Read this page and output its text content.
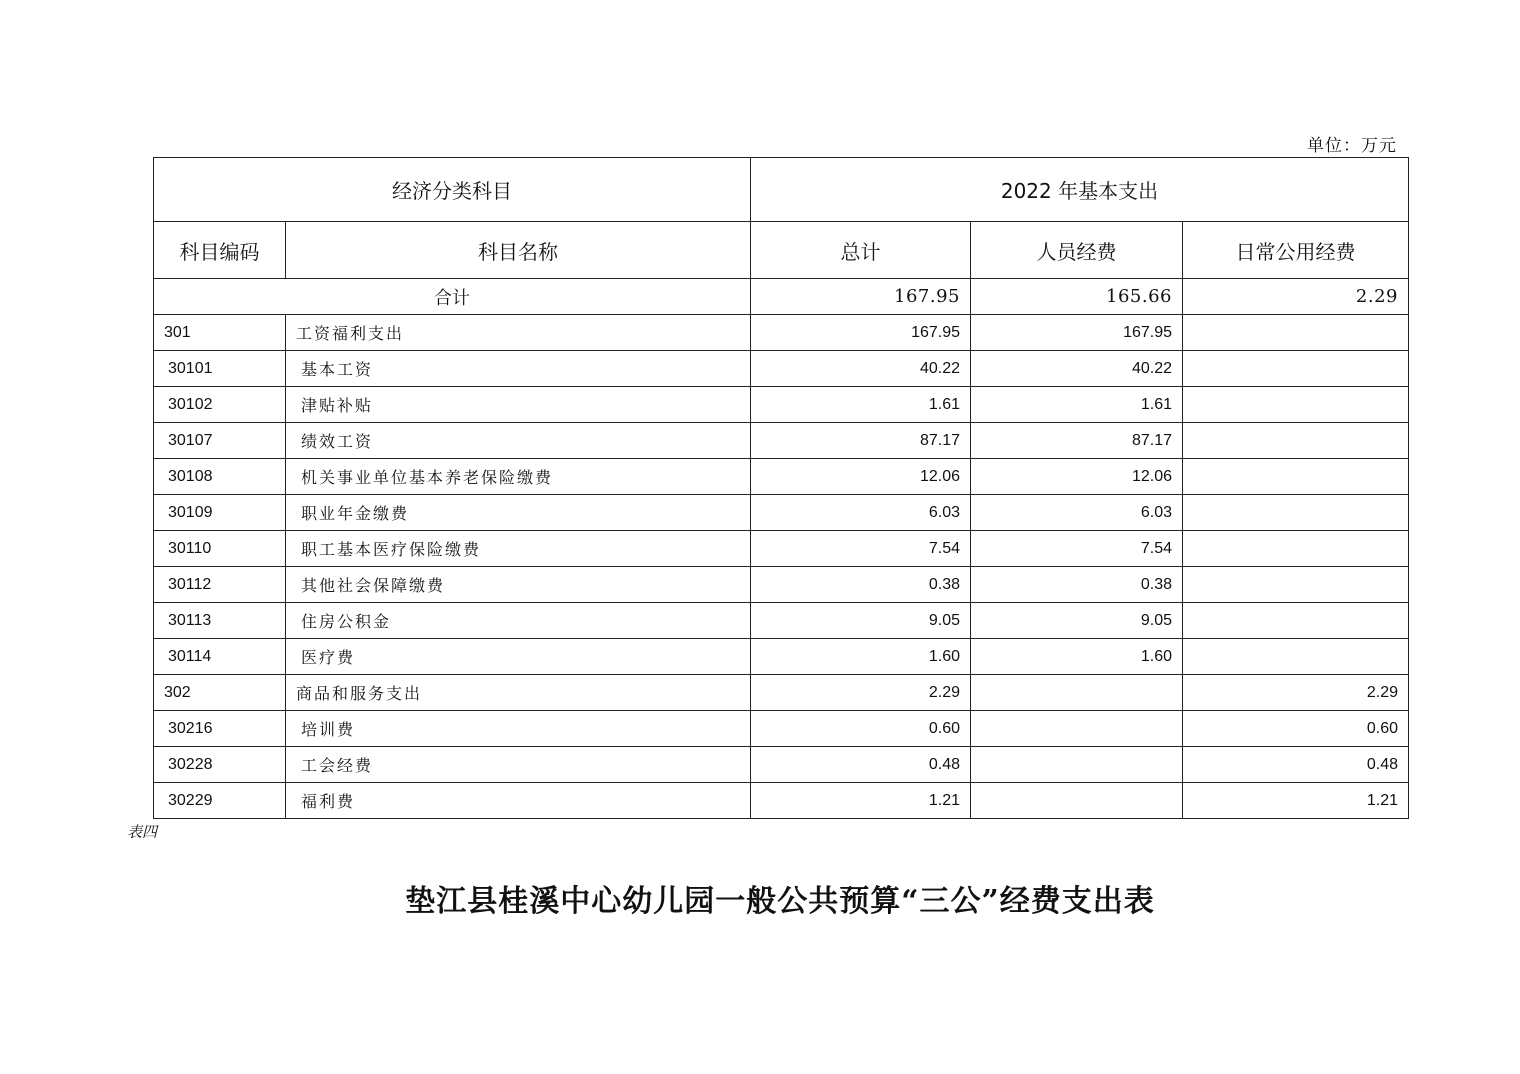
单位：万元
经济分类科目		2022 年基本支出		
科目编码	科目名称	总计	人员经费	日常公用经费
合计		167.95	165.66	2.29
301	工资福利支出	167.95	167.95	
30101	基本工资	40.22	40.22	
30102	津贴补贴	1.61	1.61	
30107	绩效工资	87.17	87.17	
30108	机关事业单位基本养老保险缴费	12.06	12.06	
30109	职业年金缴费	6.03	6.03	
30110	职工基本医疗保险缴费	7.54	7.54	
30112	其他社会保障缴费	0.38	0.38	
30113	住房公积金	9.05	9.05	
30114	医疗费	1.60	1.60	
302	商品和服务支出	2.29		2.29
30216	培训费	0.60		0.60
30228	工会经费	0.48		0.48
30229	福利费	1.21		1.21
表四
垫江县桂溪中心幼儿园一般公共预算“三公”经费支出表
